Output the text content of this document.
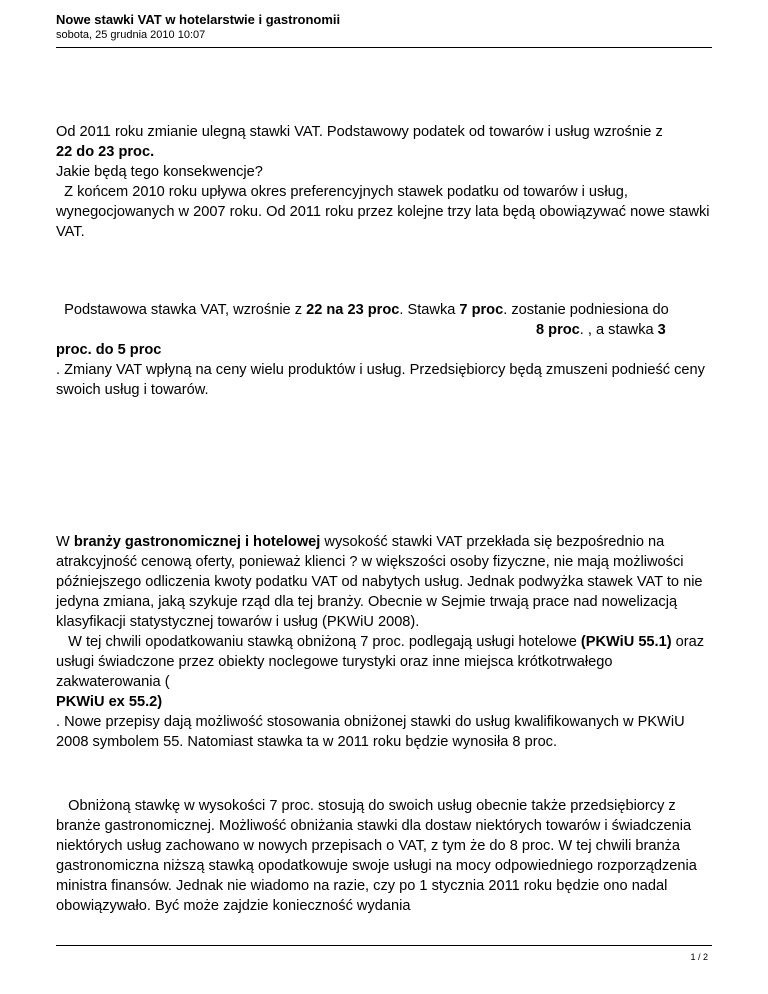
Nowe stawki VAT w hotelarstwie i gastronomii
sobota, 25 grudnia 2010 10:07

Od 2011 roku zmianie ulegną stawki VAT. Podstawowy podatek od towarów i usług wzrośnie z

22 do 23 proc.

Jakie będą tego konsekwencje?

Z końcem 2010 roku upływa okres preferencyjnych stawek podatku od towarów i usług, wynegocjowanych w 2007 roku. Od 2011 roku przez kolejne trzy lata będą obowiązywać nowe stawki VAT.

Podstawowa stawka VAT, wzrośnie z 22 na 23 proc. Stawka 7 proc. zostanie podniesiona do

8 proc. , a stawka 3

proc. do 5 proc

. Zmiany VAT wpłyną na ceny wielu produktów i usług. Przedsiębiorcy będą zmuszeni podnieść ceny swoich usług i towarów.

W branży gastronomicznej i hotelowej wysokość stawki VAT przekłada się bezpośrednio na atrakcyjność cenową oferty, ponieważ klienci ? w większości osoby fizyczne, nie mają możliwości późniejszego odliczenia kwoty podatku VAT od nabytych usług. Jednak podwyżka stawek VAT to nie jedyna zmiana, jaką szykuje rząd dla tej branży. Obecnie w Sejmie trwają prace nad nowelizacją klasyfikacji statystycznej towarów i usług (PKWiU 2008).

W tej chwili opodatkowaniu stawką obniżoną 7 proc. podlegają usługi hotelowe (PKWiU 55.1) oraz usługi świadczone przez obiekty noclegowe turystyki oraz inne miejsca krótkotrwałego zakwaterowania (

PKWiU ex 55.2)

. Nowe przepisy dają możliwość stosowania obniżonej stawki do usług kwalifikowanych w PKWiU 2008 symbolem 55. Natomiast stawka ta w 2011 roku będzie wynosiła 8 proc.

Obniżoną stawkę w wysokości 7 proc. stosują do swoich usług obecnie także przedsiębiorcy z branże gastronomicznej. Możliwość obniżania stawki dla dostaw niektórych towarów i świadczenia niektórych usług zachowano w nowych przepisach o VAT, z tym że do 8 proc. W tej chwili branża gastronomiczna niższą stawką opodatkowuje swoje usługi na mocy odpowiedniego rozporządzenia ministra finansów. Jednak nie wiadomo na razie, czy po 1 stycznia 2011 roku będzie ono nadal obowiązywało. Być może zajdzie konieczność wydania

1 / 2
